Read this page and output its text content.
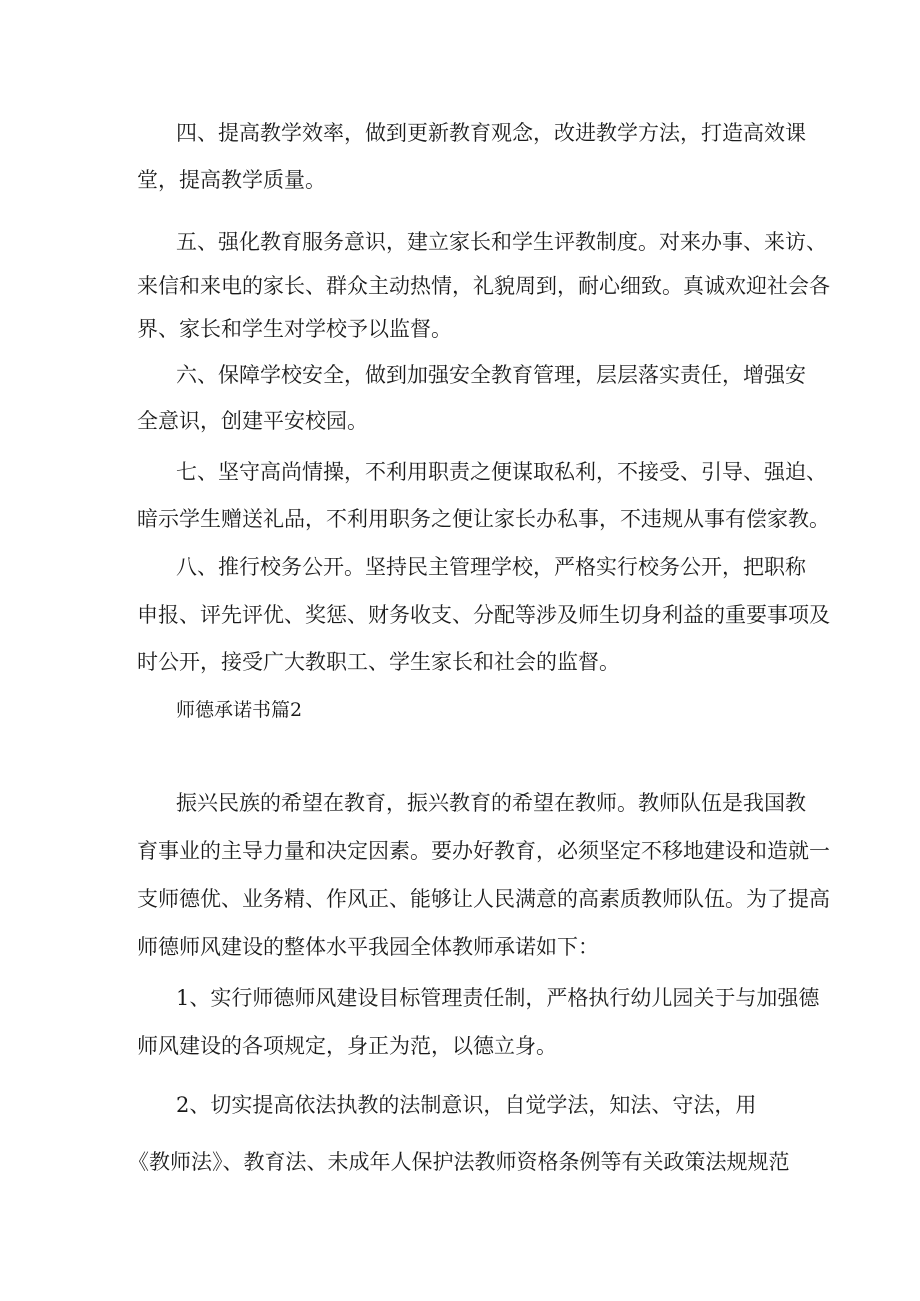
四、提高教学效率，做到更新教育观念，改进教学方法，打造高效课
堂，提高教学质量。
五、强化教育服务意识，建立家长和学生评教制度。对来办事、来访、
来信和来电的家长、群众主动热情，礼貌周到，耐心细致。真诚欢迎社会各
界、家长和学生对学校予以监督。
六、保障学校安全，做到加强安全教育管理，层层落实责任，增强安
全意识，创建平安校园。
七、坚守高尚情操，不利用职责之便谋取私利，不接受、引导、强迫、
暗示学生赠送礼品，不利用职务之便让家长办私事，不违规从事有偿家教。
八、推行校务公开。坚持民主管理学校，严格实行校务公开，把职称
申报、评先评优、奖惩、财务收支、分配等涉及师生切身利益的重要事项及
时公开，接受广大教职工、学生家长和社会的监督。
师德承诺书篇2
振兴民族的希望在教育，振兴教育的希望在教师。教师队伍是我国教
育事业的主导力量和决定因素。要办好教育，必须坚定不移地建设和造就一
支师德优、业务精、作风正、能够让人民满意的高素质教师队伍。为了提高
师德师风建设的整体水平我园全体教师承诺如下：
1、实行师德师风建设目标管理责任制，严格执行幼儿园关于与加强德
师风建设的各项规定，身正为范，以德立身。
2、切实提高依法执教的法制意识，自觉学法，知法、守法，用
《教师法》、教育法、未成年人保护法教师资格条例等有关政策法规规范
